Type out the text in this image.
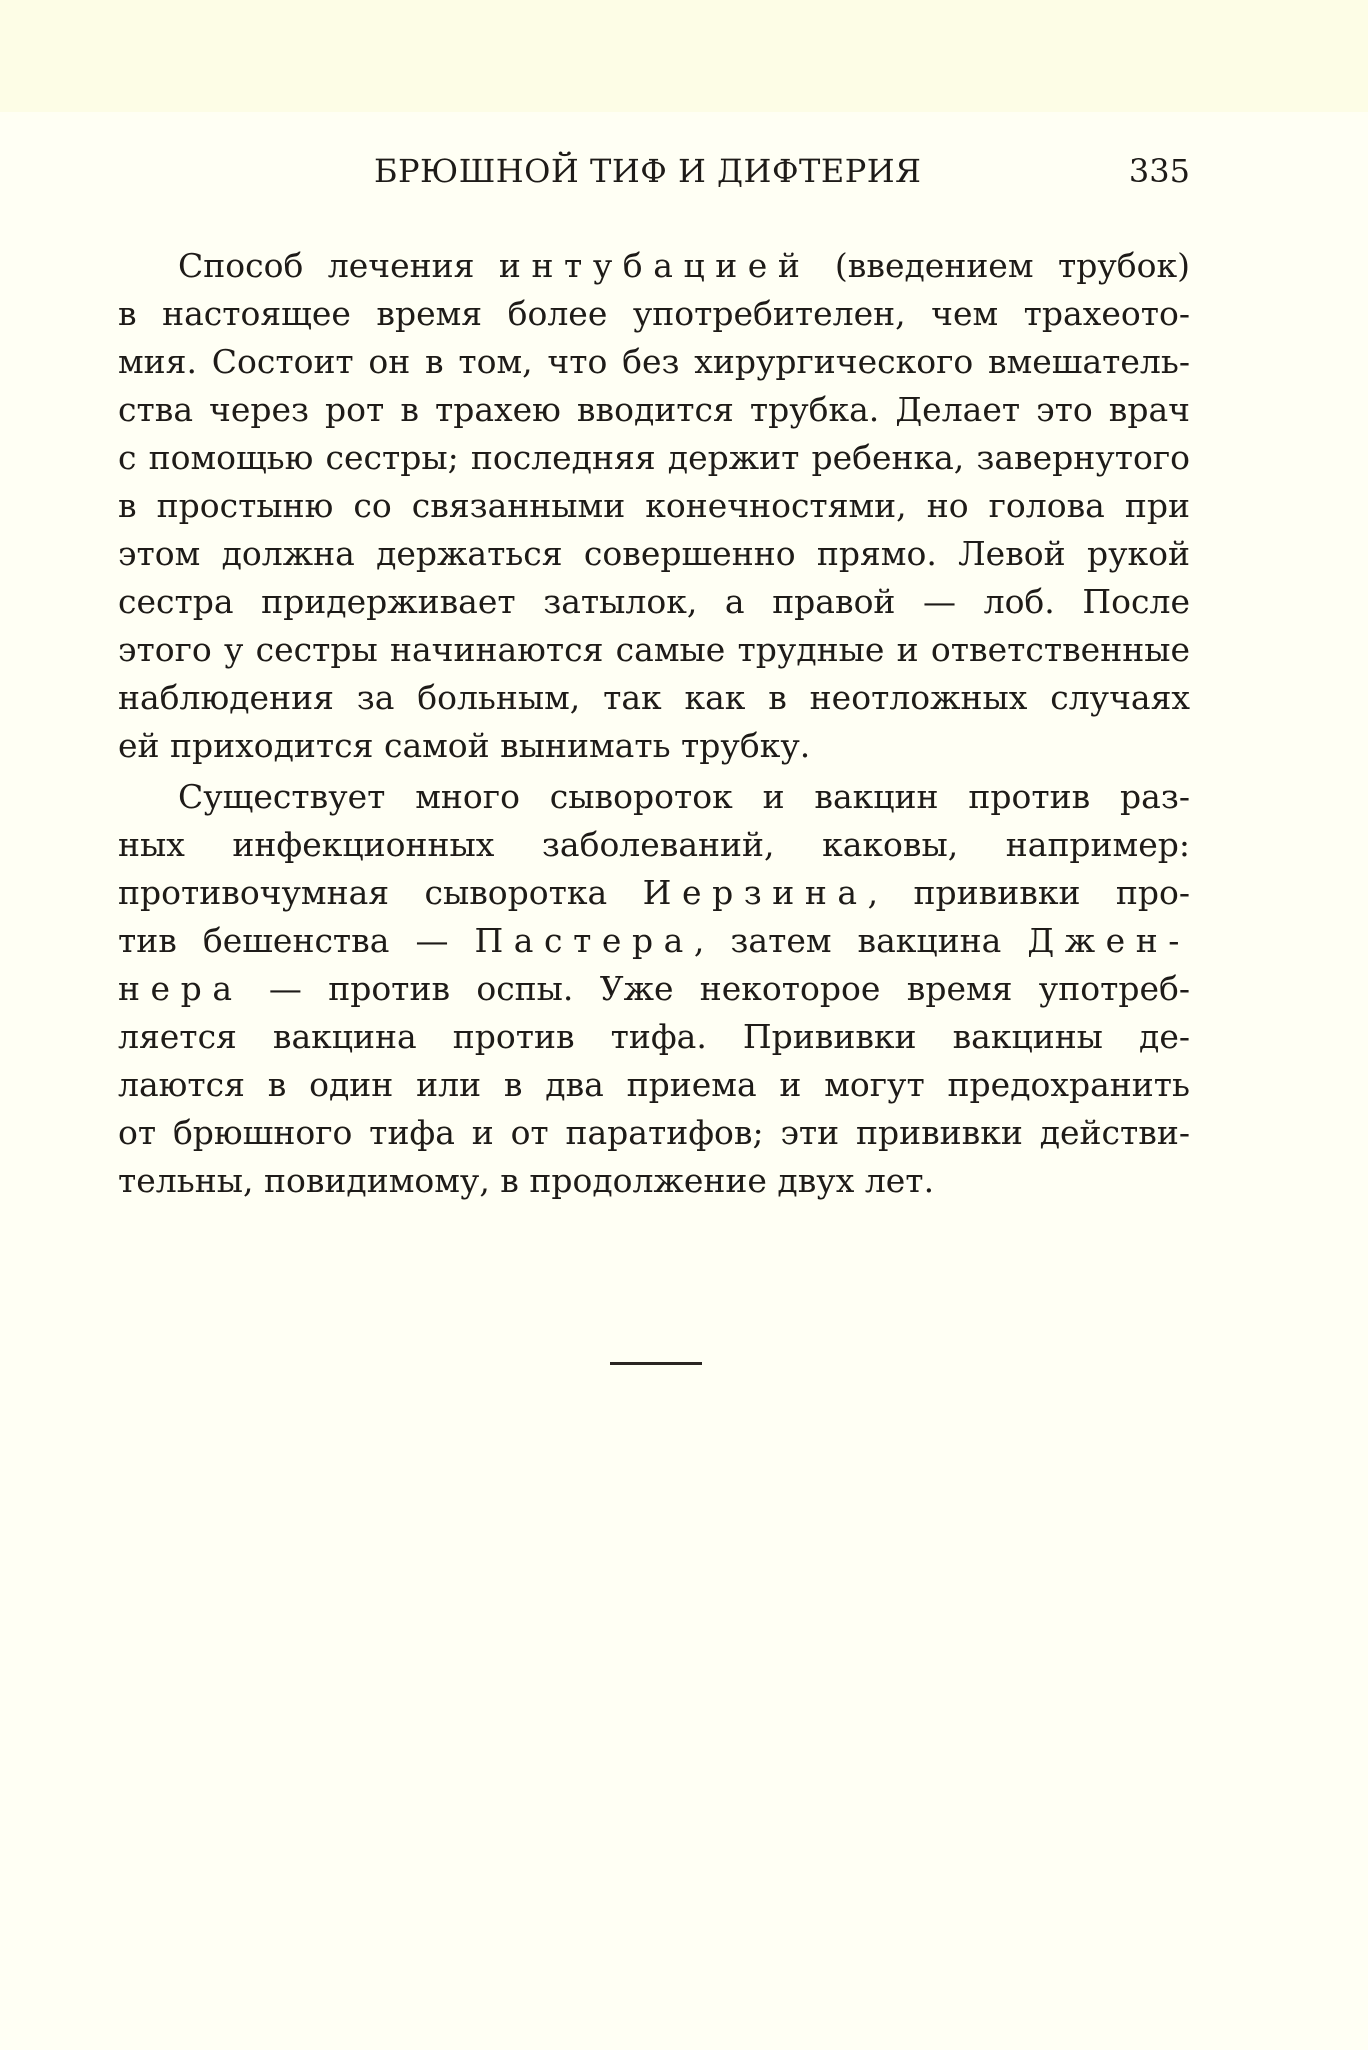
БРЮШНОЙ ТИФ И ДИФТЕРИЯ	335
Способ лечения интубацией (введением трубок)
в настоящее время более употребителен, чем трахеото-
мия. Состоит он в том, что без хирургического вмешатель-
ства через рот в трахею вводится трубка. Делает это врач
с помощью сестры; последняя держит ребенка, завернутого
в простыню со связанными конечностями, но голова при
этом должна держаться совершенно прямо. Левой рукой
сестра придерживает затылок, а правой — лоб. После
этого у сестры начинаются самые трудные и ответственные
наблюдения за больным, так как в неотложных случаях
ей приходится самой вынимать трубку.
Существует много сывороток и вакцин против раз-
ных инфекционных заболеваний, каковы, например:
противочумная сыворотка Иерзина, прививки про-
тив бешенства — Пастера, затем вакцина Джен-
нера — против оспы. Уже некоторое время употреб-
ляется вакцина против тифа. Прививки вакцины де-
лаются в один или в два приема и могут предохранить
от брюшного тифа и от паратифов; эти прививки действи-
тельны, повидимому, в продолжение двух лет.
